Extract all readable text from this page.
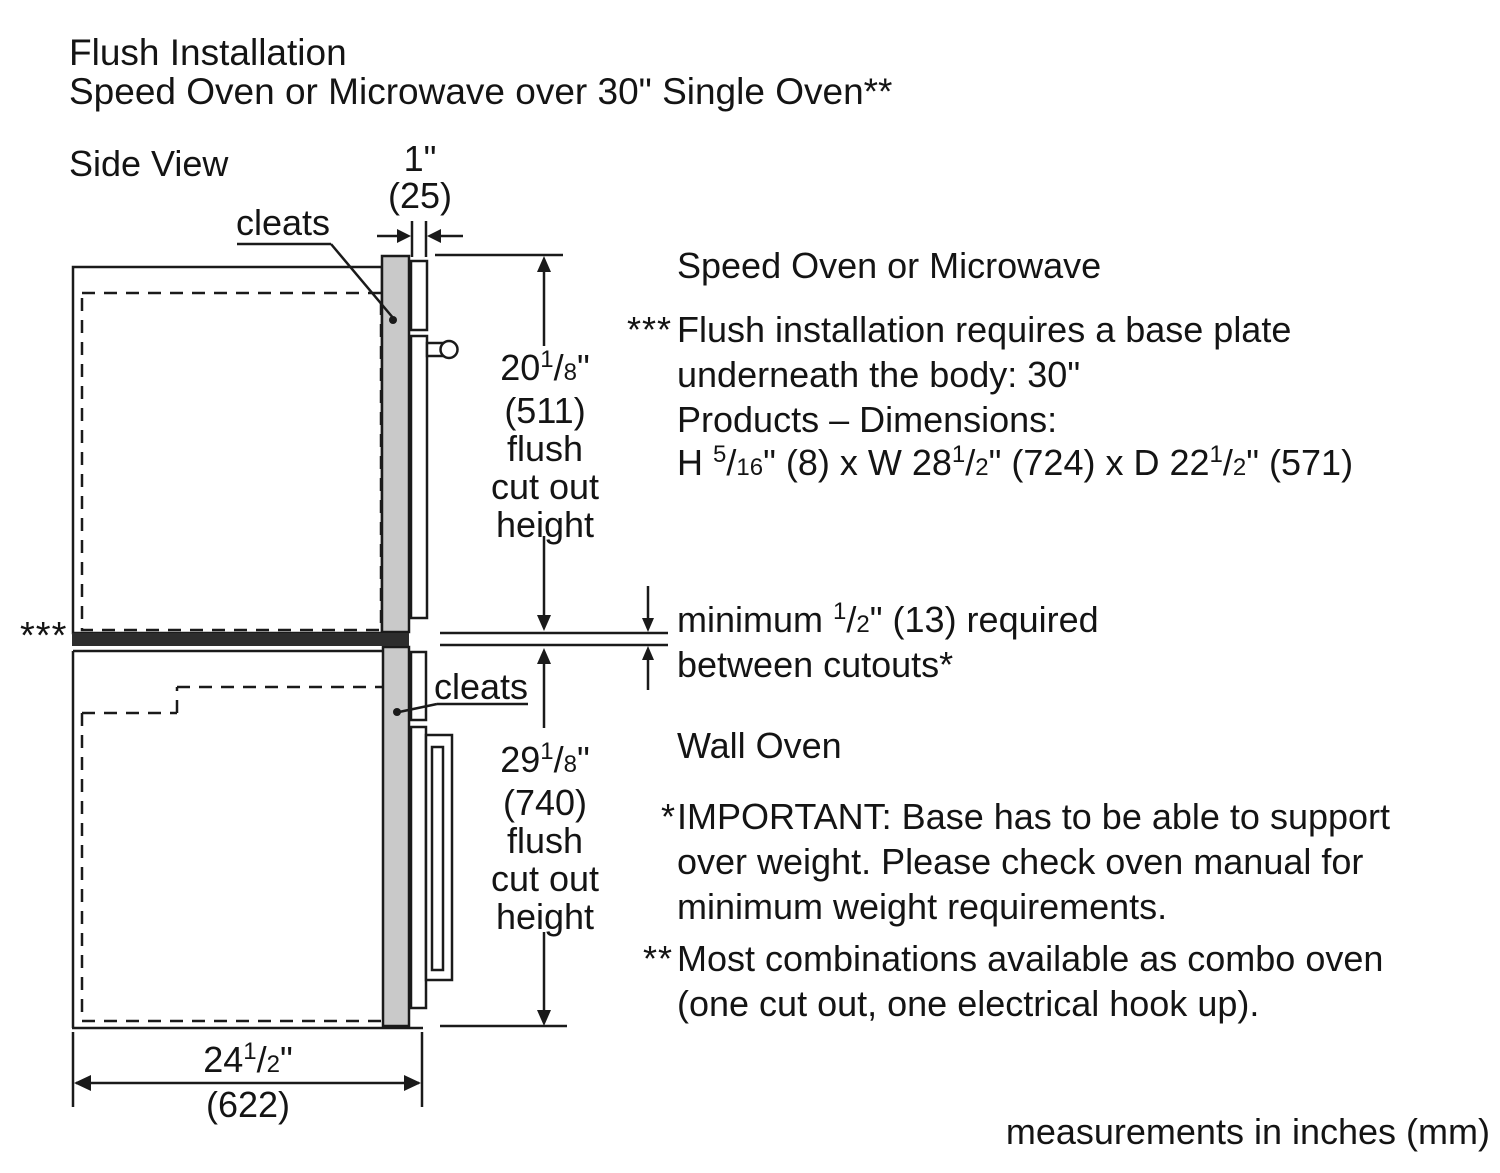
Flush Installation
Speed Oven or Microwave over 30" Single Oven**
Side View	1"
(25)
cleats
cleats
***
$20^1/8$"
(511)
flush
cut out
height
$29^1/8$"
(740)
flush
cut out
height
$24^1/2$"
(622)
Speed Oven or Microwave
*** Flush installation requires a base plate
underneath the body: 30"
Products – Dimensions:
H $^5$/16" (8) x W $28^1/2$" (724) x D $22^1/2$" (571)
minimum $^1$/2" (13) required
between cutouts*
Wall Oven
* IMPORTANT: Base has to be able to support
over weight. Please check oven manual for
minimum weight requirements.
** Most combinations available as combo oven
(one cut out, one electrical hook up).
measurements in inches (mm)
